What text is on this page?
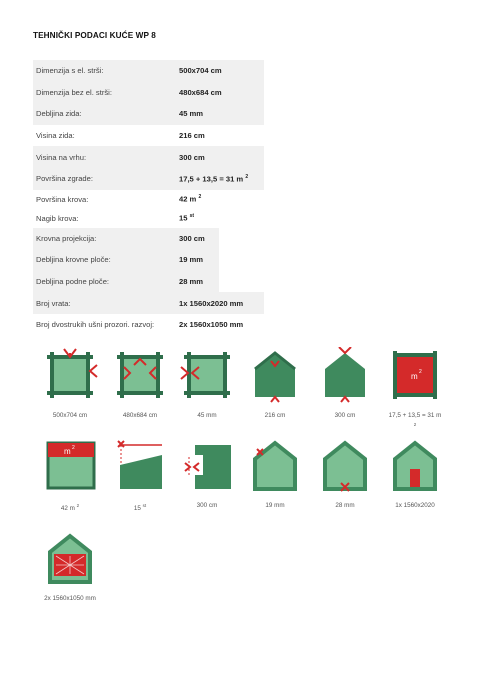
TEHNIČKI PODACI KUĆE WP 8
Dimenzija s el. strši:	500x704 cm
Dimenzija bez el. strši:	480x684 cm
Debljina zida:	45 mm
Visina zida:	216 cm
Visina na vrhu:	300 cm
Površina zgrade:	17,5 + 13,5 = 31 m $^2$
Površina krova:	42 m $^2$
Nagib krova:	15 $^{st}$
Krovna projekcija:	300 cm
Debljina krovne ploče:	19 mm
Debljina podne ploče:	28 mm
Broj vrata:	1x 1560x2020 mm
Broj dvostrukih ušni prozori. razvoj:	2x 1560x1050 mm
500x704 cm	480x684 cm	45 mm	216 cm	300 cm
m 2
17,5 + 13,5 = 31 m
$^2$
m 2
42 m $^2$	15 $^{st}$	300 cm	19 mm	28 mm	1x 1560x2020
2x 1560x1050 mm
